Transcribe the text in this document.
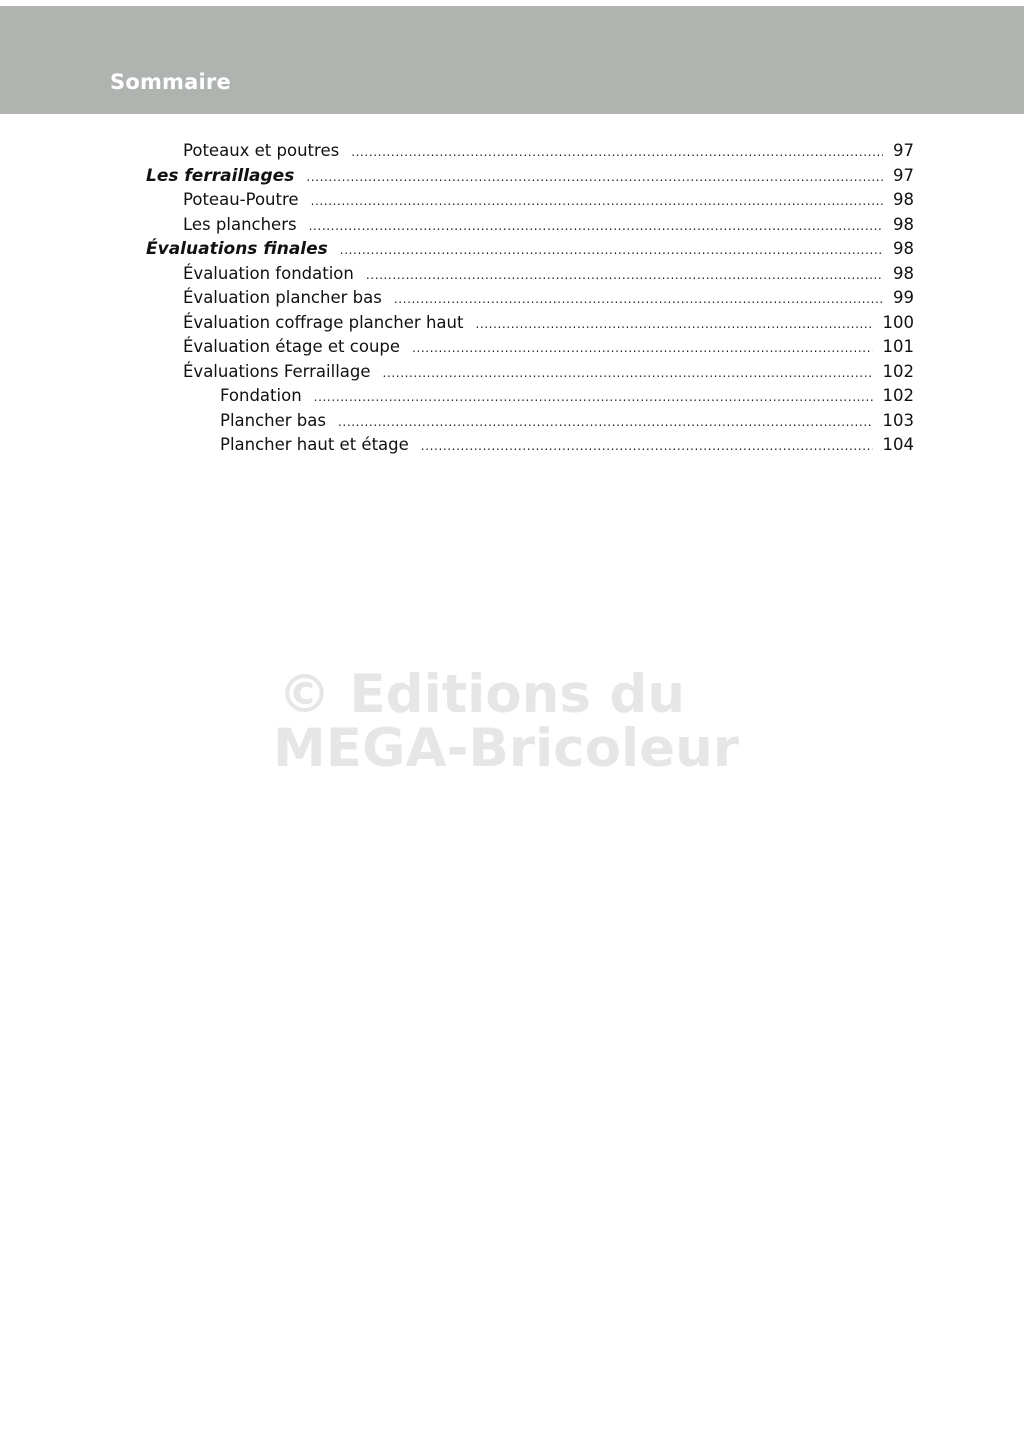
Sommaire
Poteaux et poutres .....	97
Les ferraillages .....	97
Poteau-Poutre .....	98
Les planchers .....	98
Évaluations finales .....	98
Évaluation fondation .....	98
Évaluation plancher bas .....	99
Évaluation coffrage plancher haut .....	100
Évaluation étage et coupe .....	101
Évaluations Ferraillage .....	102
Fondation .....	102
Plancher bas .....	103
Plancher haut et étage .....	104
© Editions du
MEGA-Bricoleur
